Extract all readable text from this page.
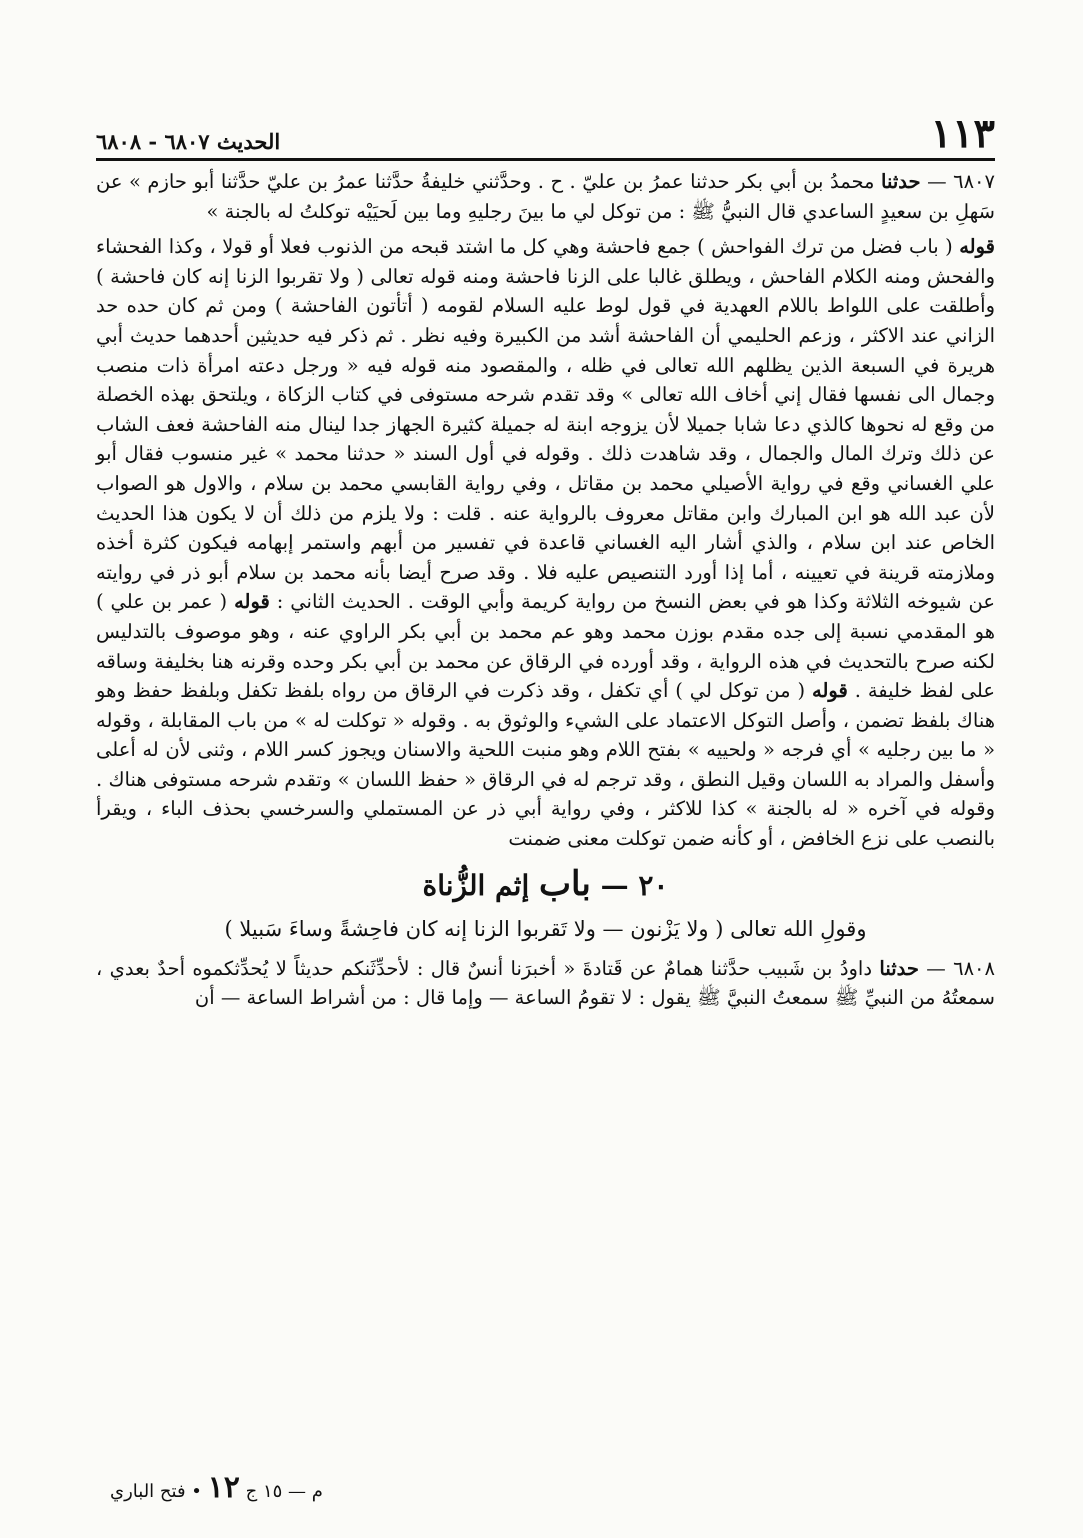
الحديث ٦٨٠٧ - ٦٨٠٨	١١٣

٦٨٠٧ — حدثنا محمدُ بن أبي بكر حدثنا عمرُ بن عليّ . ح . وحدَّثني خليفةُ حدَّثنا عمرُ بن عليّ حدَّثنا أبو حازم » عن سَهلِ بن سعيدٍ الساعدي قال النبيُّ ﷺ : من توكل لي ما بينَ رجليهِ وما بين لَحيَيْه توكلتُ له بالجنة »

قوله ( باب فضل من ترك الفواحش ) جمع فاحشة وهي كل ما اشتد قبحه من الذنوب فعلا أو قولا ، وكذا الفحشاء والفحش ومنه الكلام الفاحش ، ويطلق غالبا على الزنا فاحشة ومنه قوله تعالى ( ولا تقربوا الزنا إنه كان فاحشة ) وأطلقت على اللواط باللام العهدية في قول لوط عليه السلام لقومه ( أتأتون الفاحشة ) ومن ثم كان حده حد الزاني عند الاكثر ، وزعم الحليمي أن الفاحشة أشد من الكبيرة وفيه نظر . ثم ذكر فيه حديثين أحدهما حديث أبي هريرة في السبعة الذين يظلهم الله تعالى في ظله ، والمقصود منه قوله فيه « ورجل دعته امرأة ذات منصب وجمال الى نفسها فقال إني أخاف الله تعالى » وقد تقدم شرحه مستوفى في كتاب الزكاة ، ويلتحق بهذه الخصلة من وقع له نحوها كالذي دعا شابا جميلا لأن يزوجه ابنة له جميلة كثيرة الجهاز جدا لينال منه الفاحشة فعف الشاب عن ذلك وترك المال والجمال ، وقد شاهدت ذلك . وقوله في أول السند « حدثنا محمد » غير منسوب فقال أبو علي الغساني وقع في رواية الأصيلي محمد بن مقاتل ، وفي رواية القابسي محمد بن سلام ، والاول هو الصواب لأن عبد الله هو ابن المبارك وابن مقاتل معروف بالرواية عنه . قلت : ولا يلزم من ذلك أن لا يكون هذا الحديث الخاص عند ابن سلام ، والذي أشار اليه الغساني قاعدة في تفسير من أبهم واستمر إبهامه فيكون كثرة أخذه وملازمته قرينة في تعيينه ، أما إذا أورد التنصيص عليه فلا . وقد صرح أيضا بأنه محمد بن سلام أبو ذر في روايته عن شيوخه الثلاثة وكذا هو في بعض النسخ من رواية كريمة وأبي الوقت . الحديث الثاني : قوله ( عمر بن علي ) هو المقدمي نسبة إلى جده مقدم بوزن محمد وهو عم محمد بن أبي بكر الراوي عنه ، وهو موصوف بالتدليس لكنه صرح بالتحديث في هذه الرواية ، وقد أورده في الرقاق عن محمد بن أبي بكر وحده وقرنه هنا بخليفة وساقه على لفظ خليفة . قوله ( من توكل لي ) أي تكفل ، وقد ذكرت في الرقاق من رواه بلفظ تكفل وبلفظ حفظ وهو هناك بلفظ تضمن ، وأصل التوكل الاعتماد على الشيء والوثوق به . وقوله « توكلت له » من باب المقابلة ، وقوله « ما بين رجليه » أي فرجه « ولحييه » بفتح اللام وهو منبت اللحية والاسنان ويجوز كسر اللام ، وثنى لأن له أعلى وأسفل والمراد به اللسان وقيل النطق ، وقد ترجم له في الرقاق « حفظ اللسان » وتقدم شرحه مستوفى هناك . وقوله في آخره « له بالجنة » كذا للاكثر ، وفي رواية أبي ذر عن المستملي والسرخسي بحذف الباء ، ويقرأ بالنصب على نزع الخافض ، أو كأنه ضمن توكلت معنى ضمنت

٢٠ — باب إثم الزُّناة

وقولِ الله تعالى ( ولا يَزْنون — ولا تَقربوا الزنا إنه كان فاحِشةً وساءَ سَبيلا )

٦٨٠٨ — حدثنا داودُ بن شَبيب حدَّثنا همامٌ عن قَتادةَ « أخبرَنا أنسٌ قال : لأحدِّثَنكم حديثاً لا يُحدِّثكموه أحدٌ بعدي ، سمعتُهُ من النبيِّ ﷺ سمعتُ النبيَّ ﷺ يقول : لا تقومُ الساعة — وإما قال : من أشراط الساعة — أن

م — ١٥ ج ١٢ • فتح الباري
